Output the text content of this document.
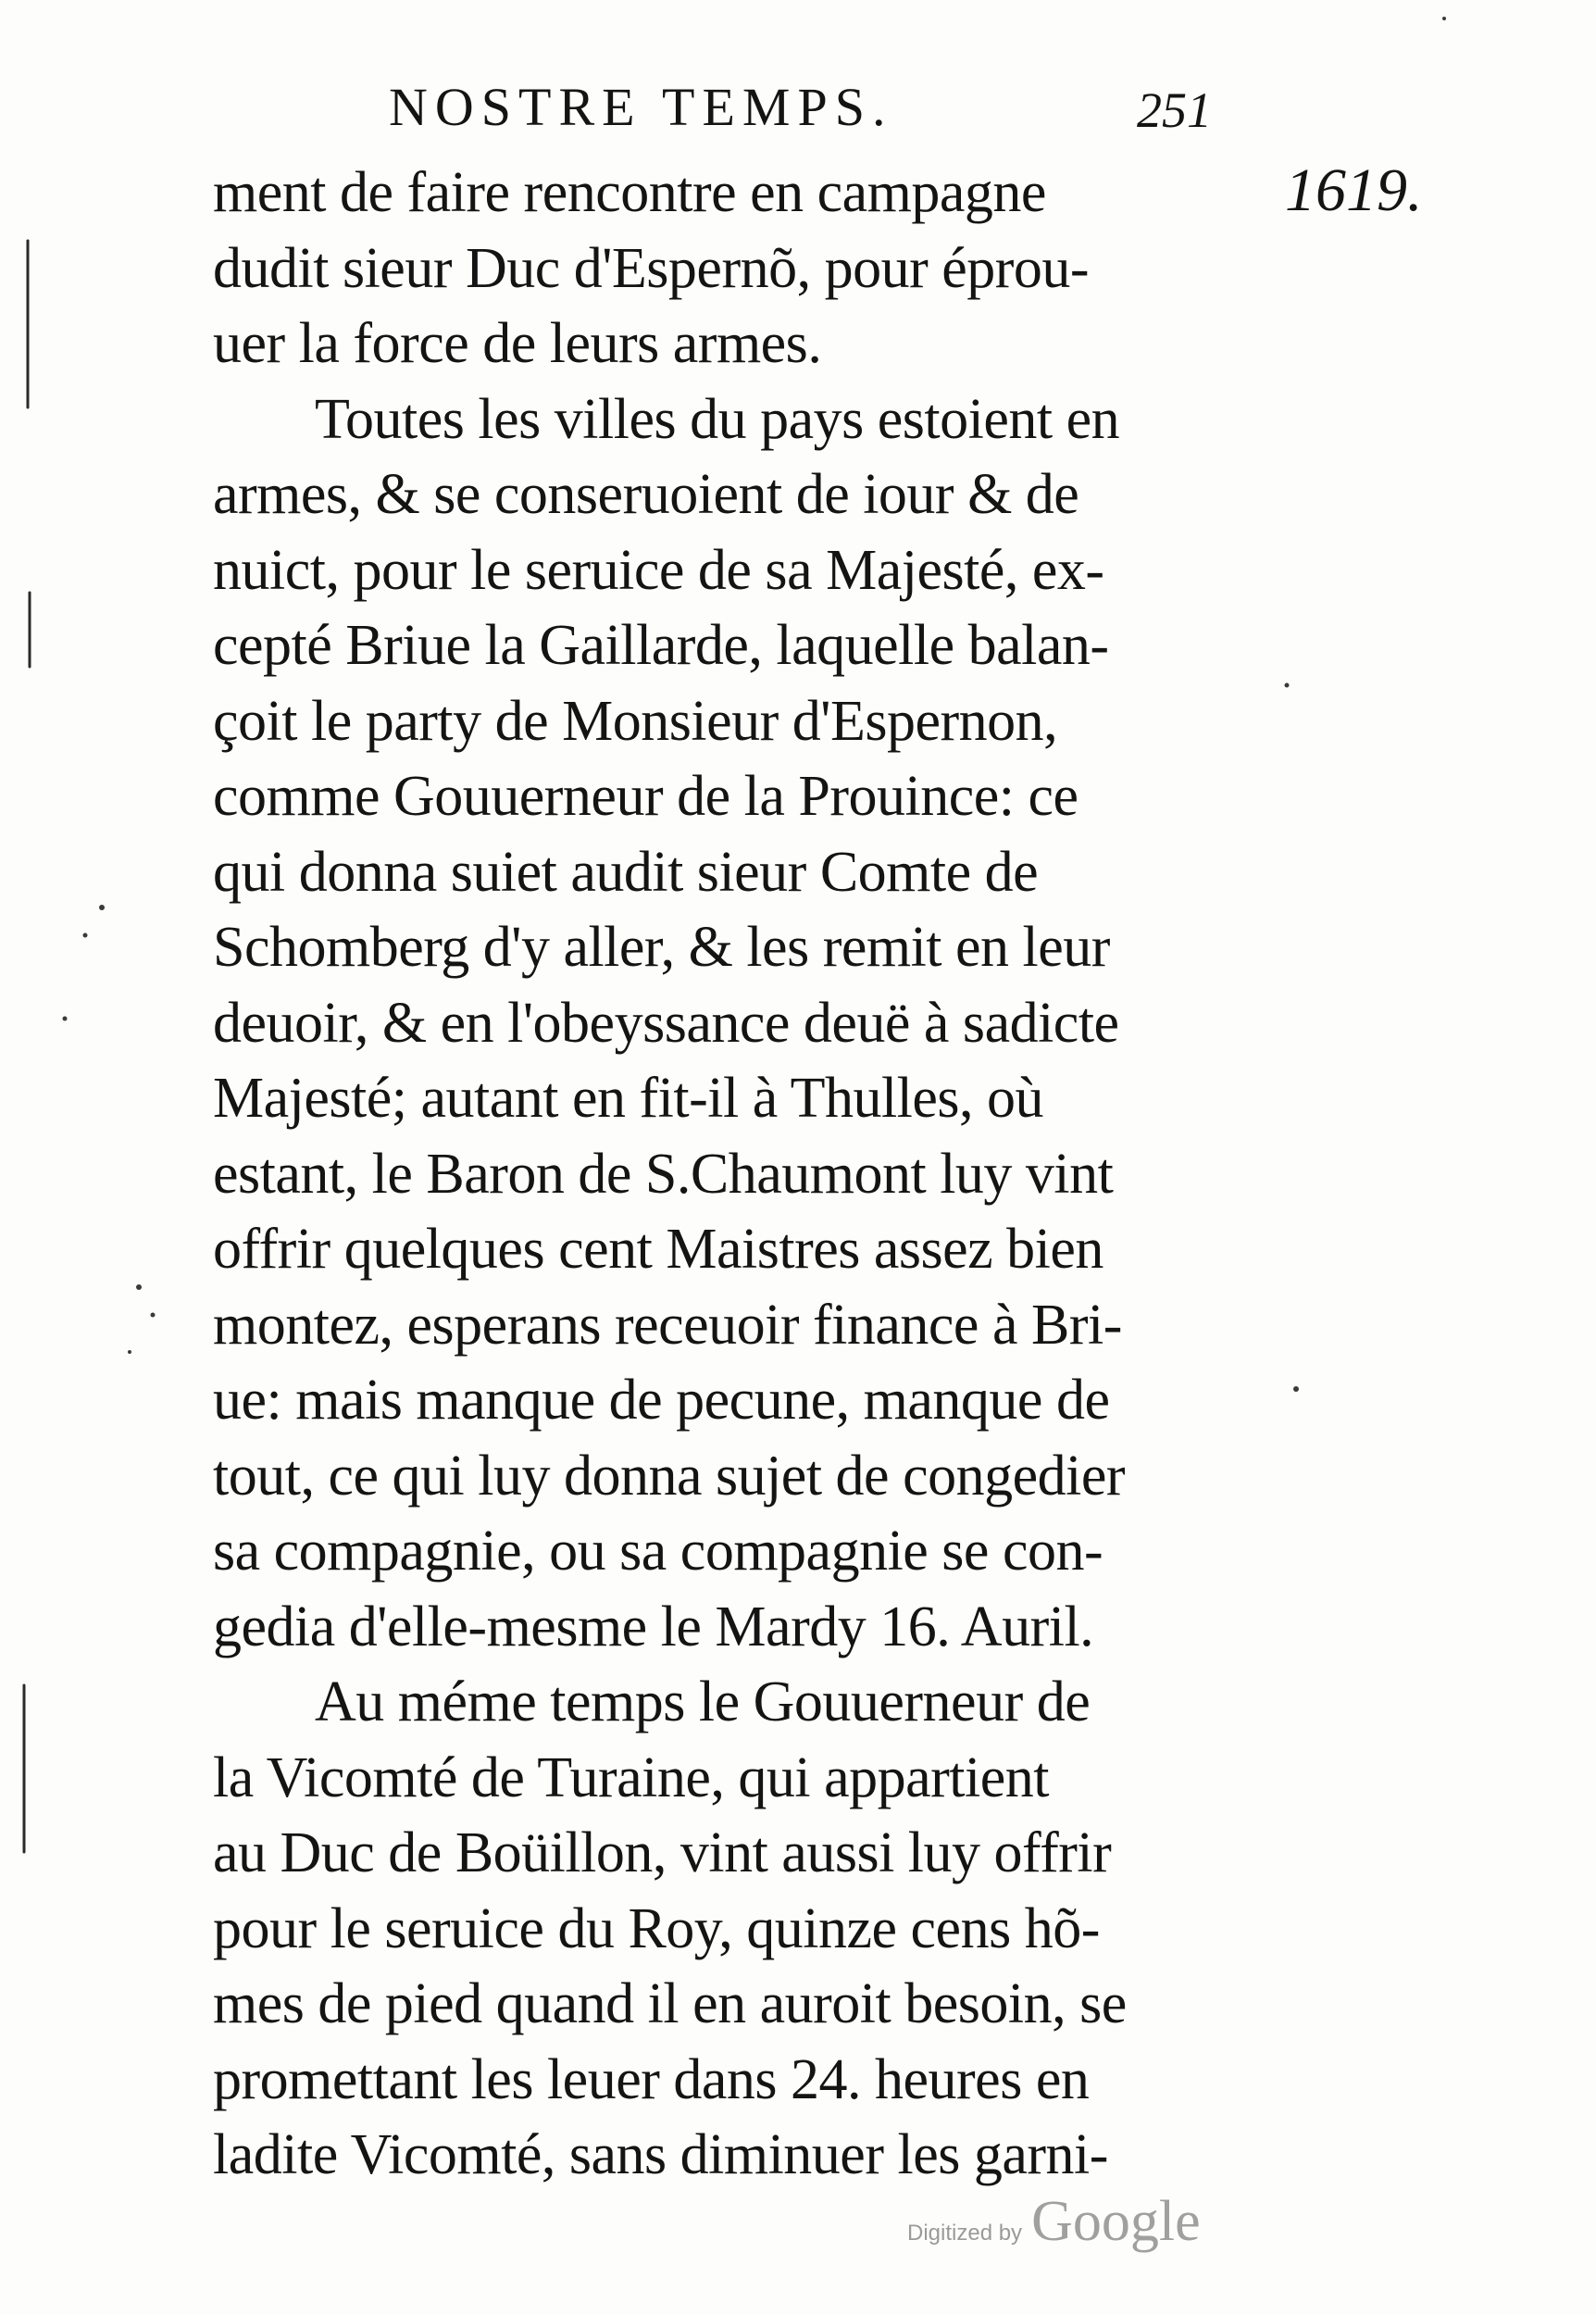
NOSTRE TEMPS.	251
1619.
ment de faire rencontre en campagne
dudit sieur Duc d'Espernõ, pour éprou-
uer la force de leurs armes.
Toutes les villes du pays estoient en
armes, & se conseruoient de iour & de
nuict, pour le seruice de sa Majesté, ex-
cepté Briue la Gaillarde, laquelle balan-
çoit le party de Monsieur d'Espernon,
comme Gouuerneur de la Prouince: ce
qui donna suiet audit sieur Comte de
Schomberg d'y aller, & les remit en leur
deuoir, & en l'obeyssance deuë à sadicte
Majesté; autant en fit-il à Thulles, où
estant, le Baron de S.Chaumont luy vint
offrir quelques cent Maistres assez bien
montez, esperans receuoir finance à Bri-
ue: mais manque de pecune, manque de
tout, ce qui luy donna sujet de congedier
sa compagnie, ou sa compagnie se con-
gedia d'elle-mesme le Mardy 16. Auril.
Au méme temps le Gouuerneur de
la Vicomté de Turaine, qui appartient
au Duc de Boüillon, vint aussi luy offrir
pour le seruice du Roy, quinze cens hõ-
mes de pied quand il en auroit besoin, se
promettant les leuer dans 24. heures en
ladite Vicomté, sans diminuer les garni-
Digitized by Google
